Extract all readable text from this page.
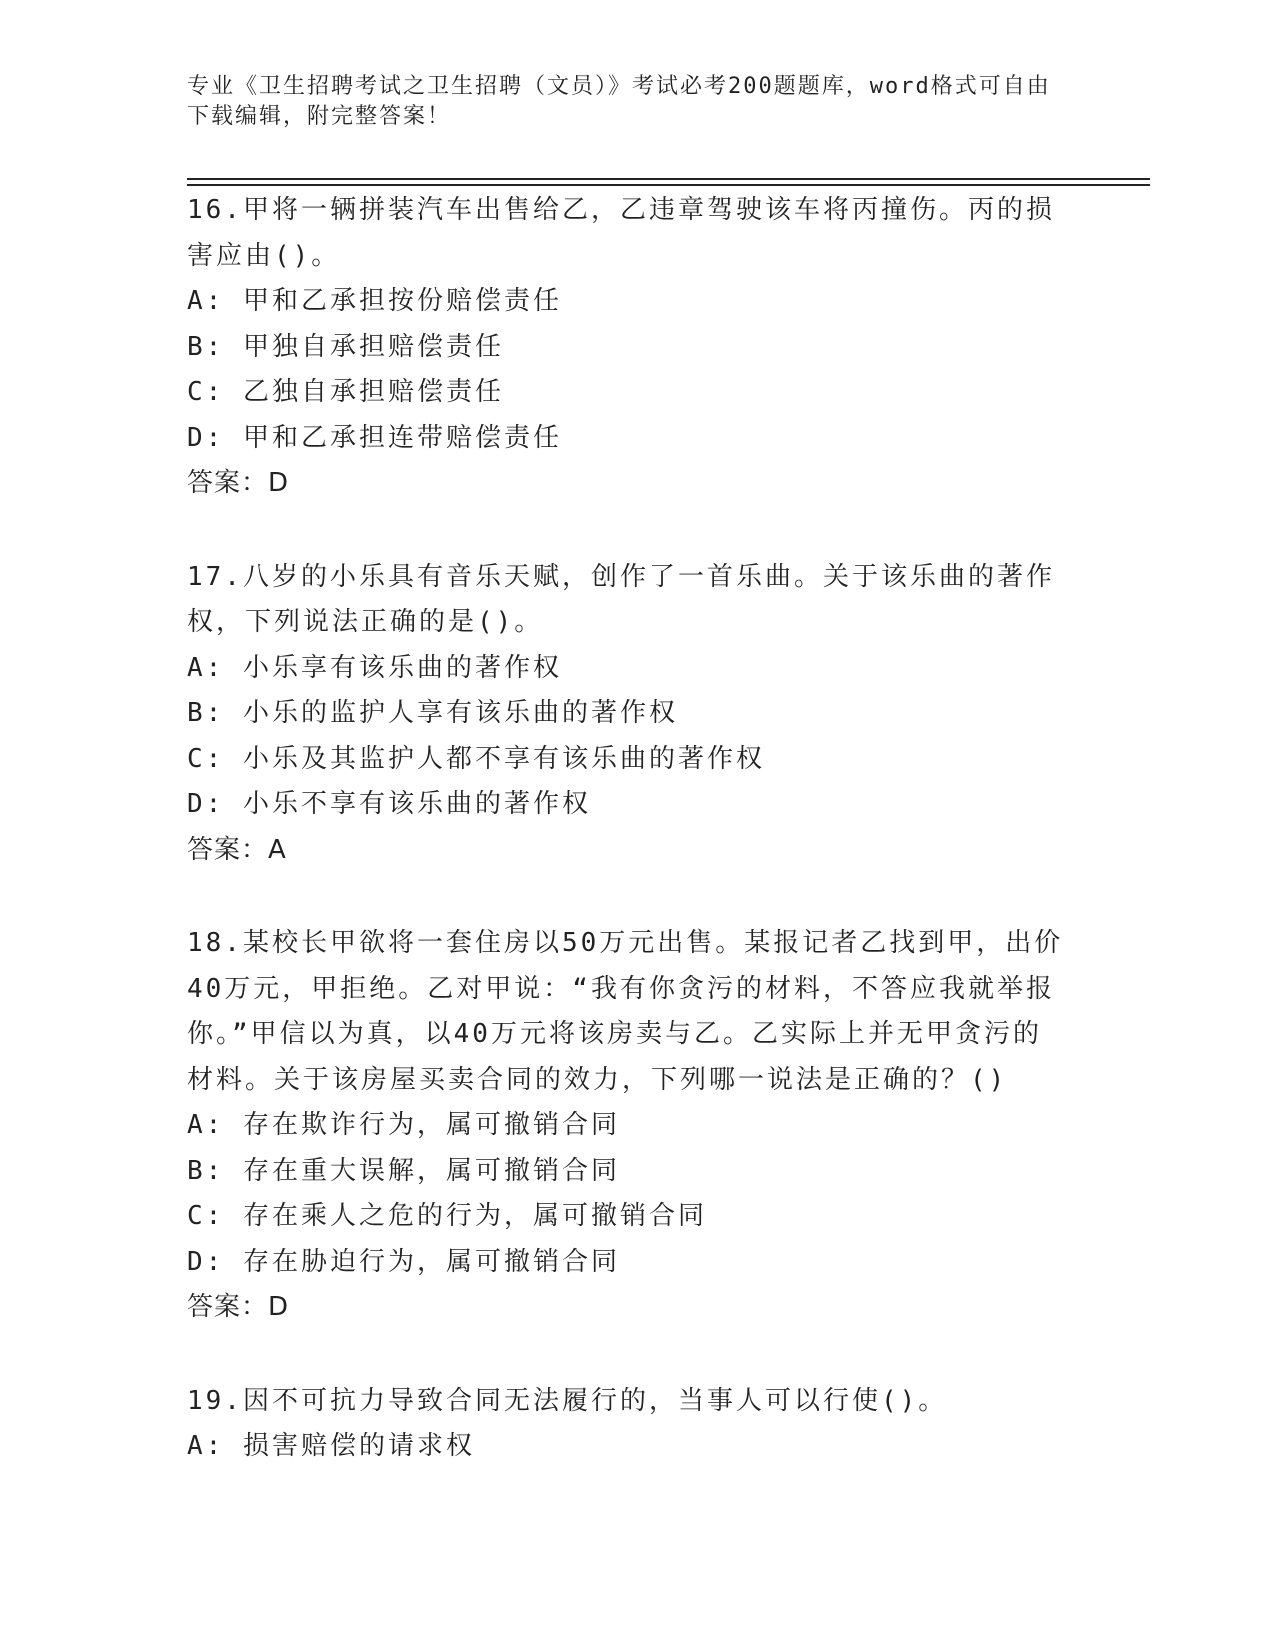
专业《卫生招聘考试之卫生招聘（文员）》考试必考200题题库，word格式可自由下载编辑，附完整答案！
16.甲将一辆拼装汽车出售给乙，乙违章驾驶该车将丙撞伤。丙的损害应由()。
A: 甲和乙承担按份赔偿责任
B: 甲独自承担赔偿责任
C: 乙独自承担赔偿责任
D: 甲和乙承担连带赔偿责任
答案：D
17.八岁的小乐具有音乐天赋，创作了一首乐曲。关于该乐曲的著作权，下列说法正确的是()。
A: 小乐享有该乐曲的著作权
B: 小乐的监护人享有该乐曲的著作权
C: 小乐及其监护人都不享有该乐曲的著作权
D: 小乐不享有该乐曲的著作权
答案：A
18.某校长甲欲将一套住房以50万元出售。某报记者乙找到甲，出价40万元，甲拒绝。乙对甲说：“我有你贪污的材料，不答应我就举报你。”甲信以为真，以40万元将该房卖与乙。乙实际上并无甲贪污的材料。关于该房屋买卖合同的效力，下列哪一说法是正确的？()
A: 存在欺诈行为，属可撤销合同
B: 存在重大误解，属可撤销合同
C: 存在乘人之危的行为，属可撤销合同
D: 存在胁迫行为，属可撤销合同
答案：D
19.因不可抗力导致合同无法履行的，当事人可以行使()。
A: 损害赔偿的请求权
